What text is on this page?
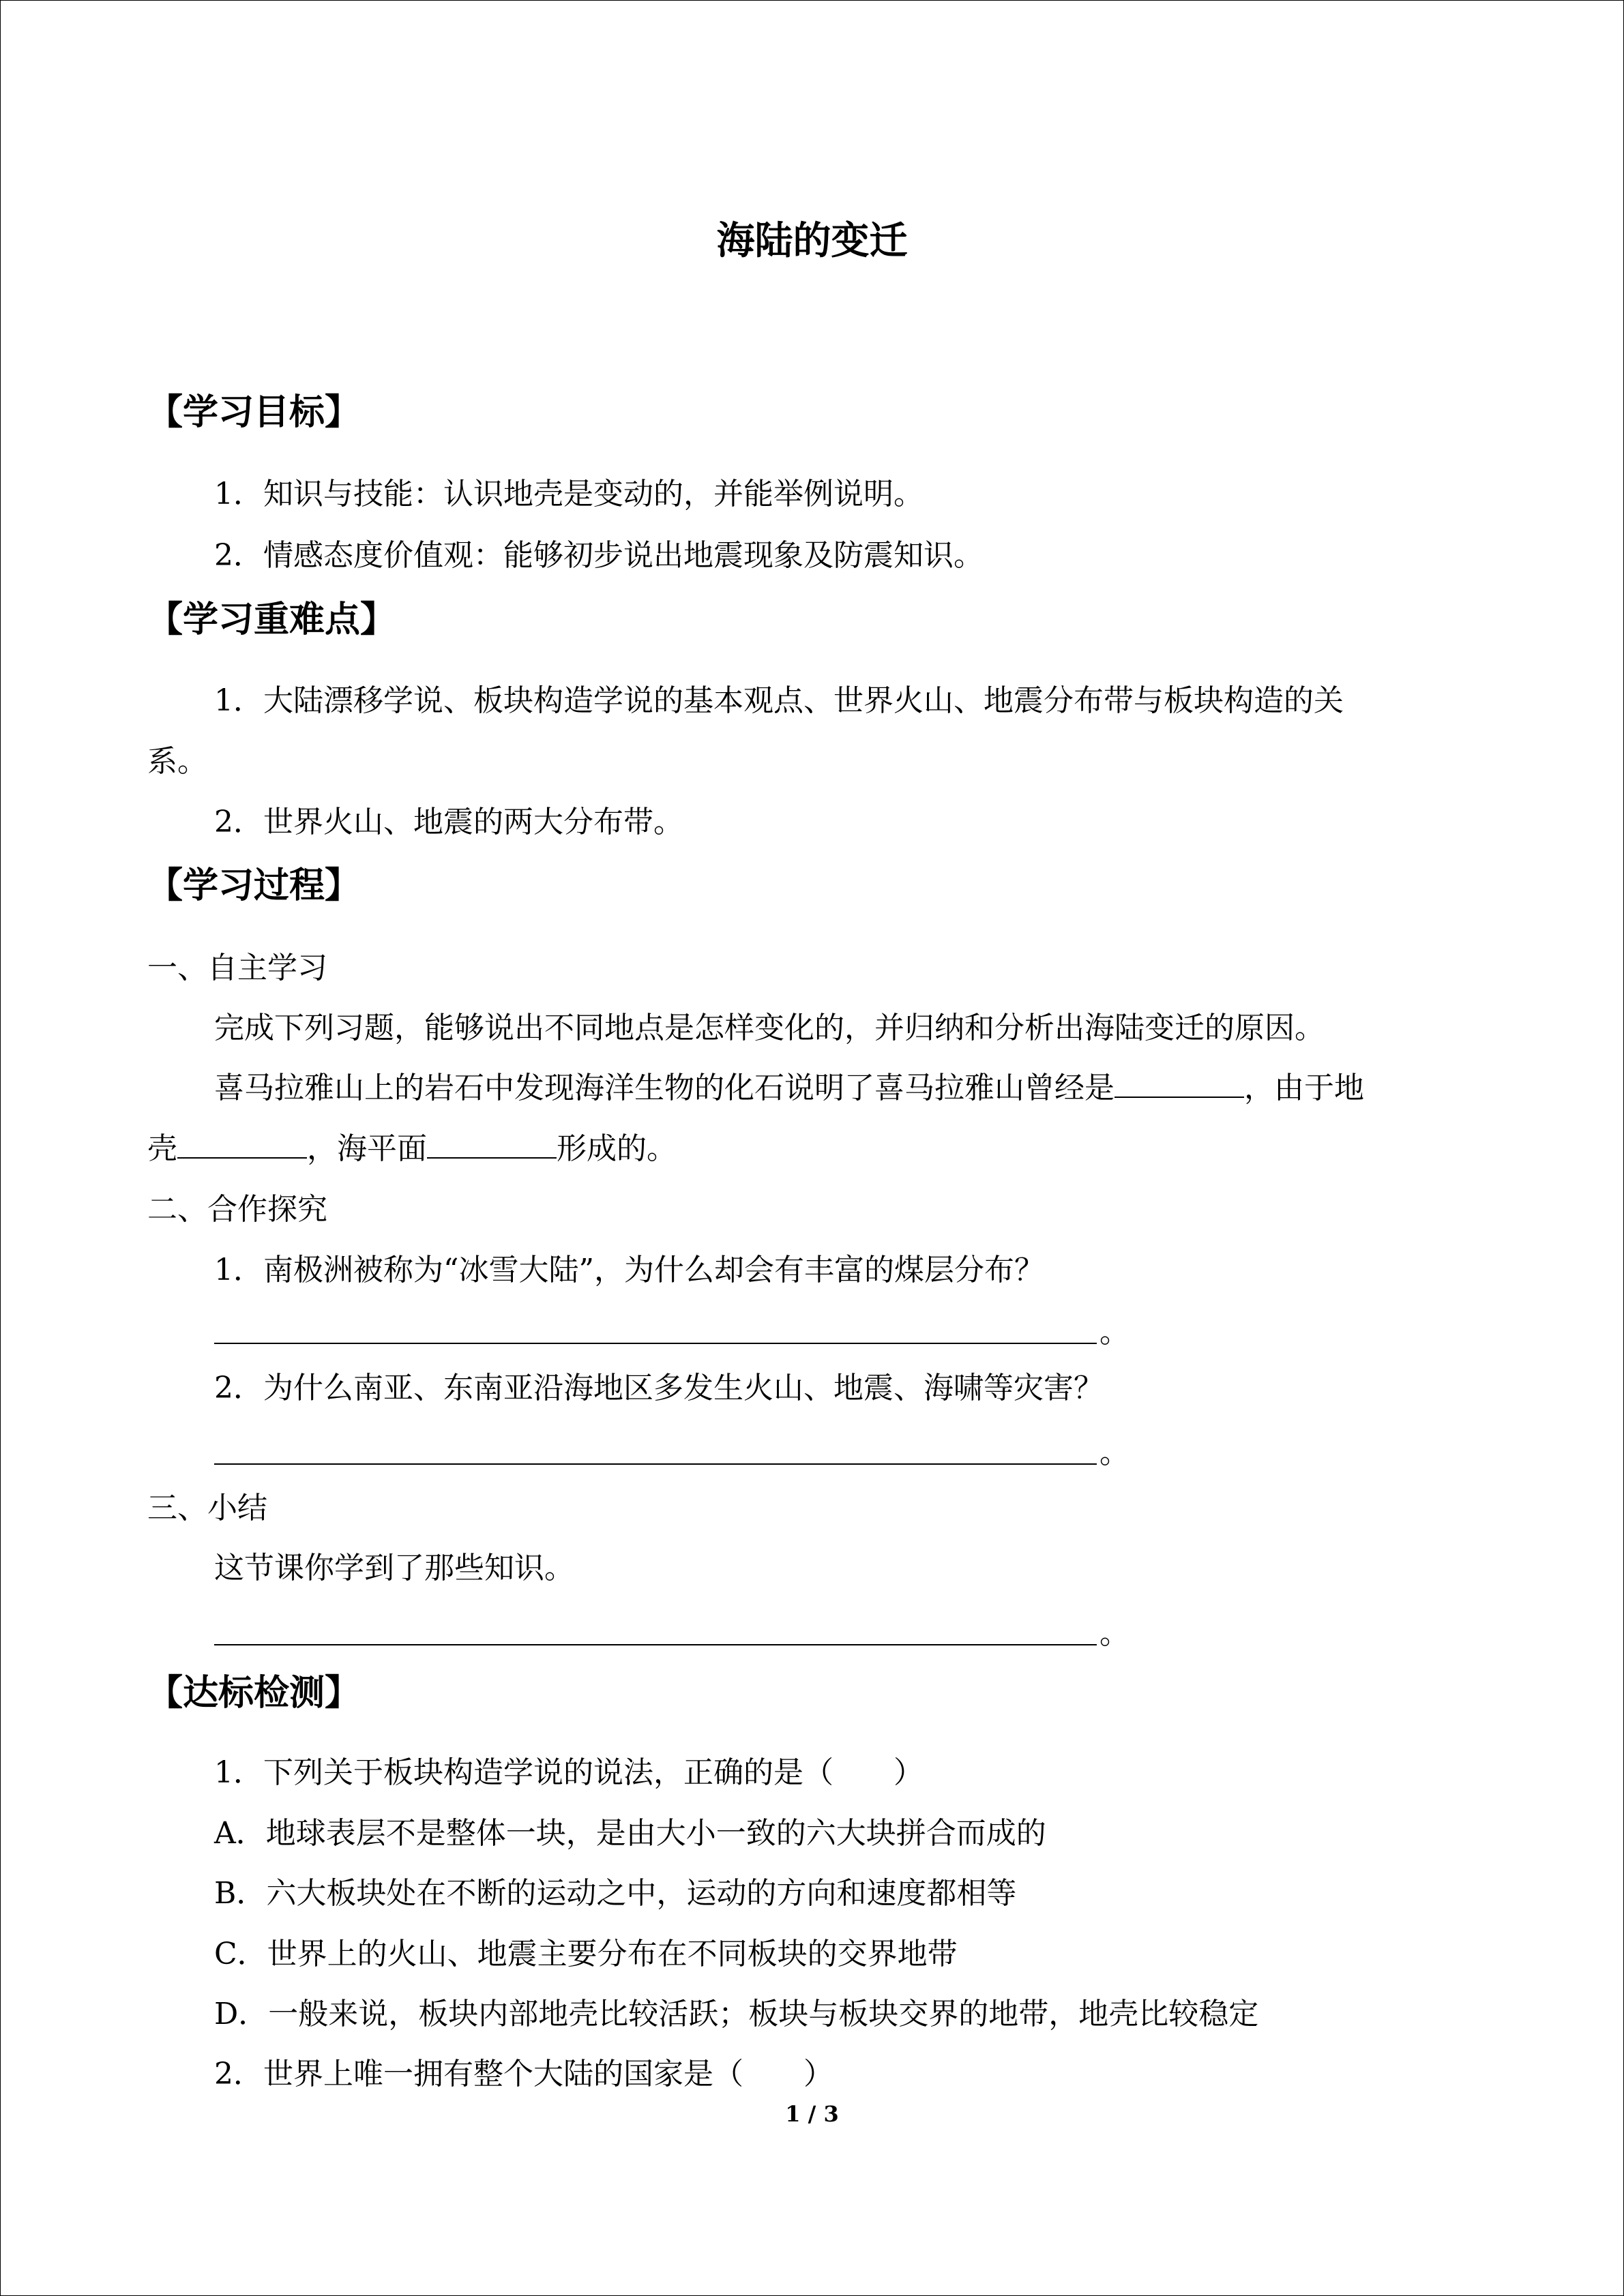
海陆的变迁
【学习目标】
1．知识与技能：认识地壳是变动的，并能举例说明。
2．情感态度价值观：能够初步说出地震现象及防震知识。
【学习重难点】
1．大陆漂移学说、板块构造学说的基本观点、世界火山、地震分布带与板块构造的关
系。
2．世界火山、地震的两大分布带。
【学习过程】
一、自主学习
完成下列习题，能够说出不同地点是怎样变化的，并归纳和分析出海陆变迁的原因。
喜马拉雅山上的岩石中发现海洋生物的化石说明了喜马拉雅山曾经是	，由于地
壳	，海平面	形成的。
二、合作探究
1．南极洲被称为“冰雪大陆”，为什么却会有丰富的煤层分布？
。
2．为什么南亚、东南亚沿海地区多发生火山、地震、海啸等灾害？
。
三、小结
这节课你学到了那些知识。
。
【达标检测】
1．下列关于板块构造学说的说法，正确的是（　　）
A．地球表层不是整体一块，是由大小一致的六大块拼合而成的
B．六大板块处在不断的运动之中，运动的方向和速度都相等
C．世界上的火山、地震主要分布在不同板块的交界地带
D．一般来说，板块内部地壳比较活跃；板块与板块交界的地带，地壳比较稳定
2．世界上唯一拥有整个大陆的国家是（　　）
1 / 3
